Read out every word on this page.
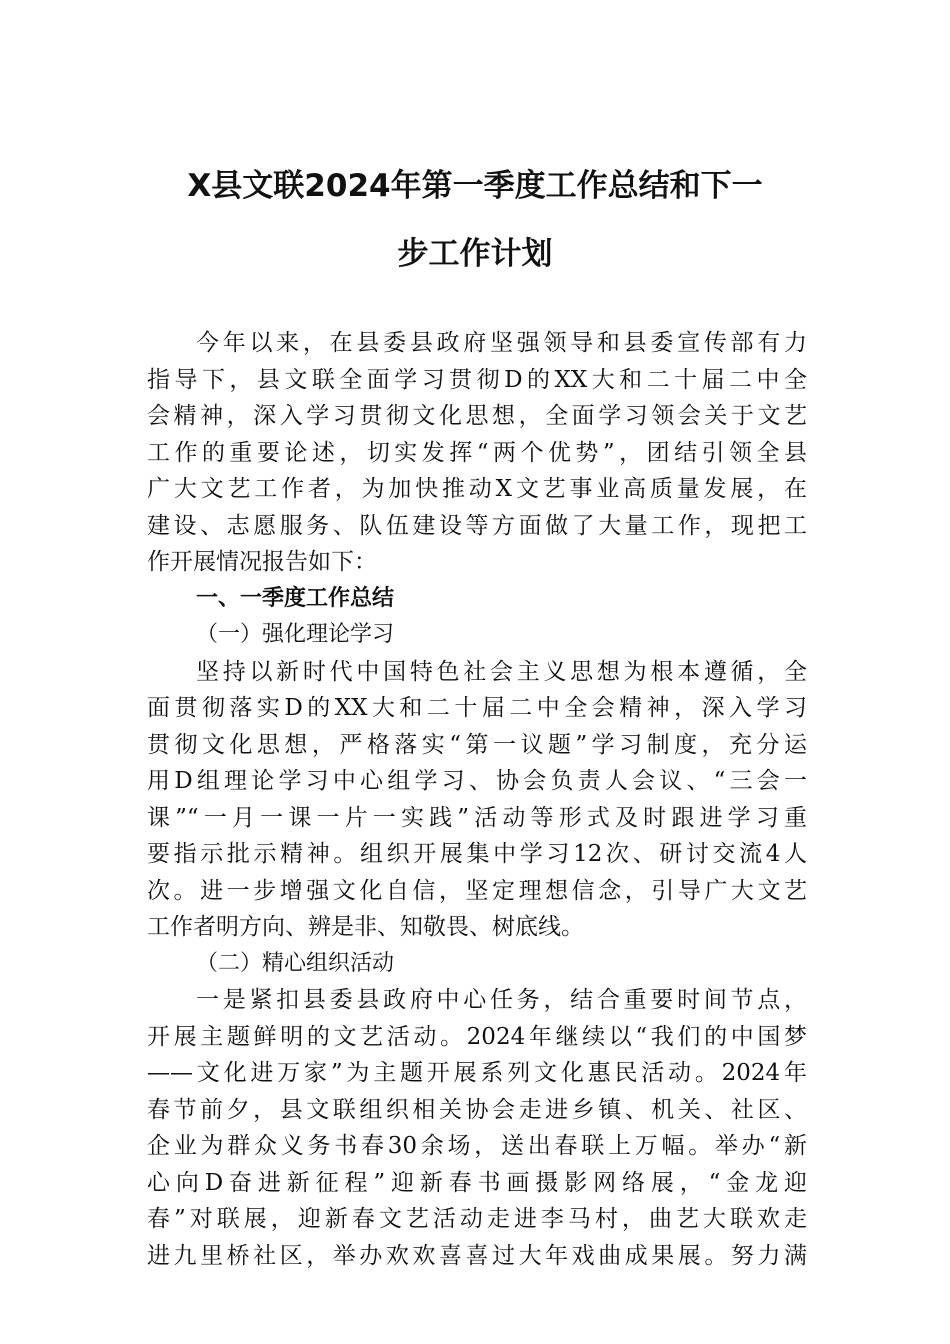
X县文联2024年第一季度工作总结和下一
步工作计划
今年以来，在县委县政府坚强领导和县委宣传部有力
指导下，县文联全面学习贯彻D的XX大和二十届二中全
会精神，深入学习贯彻文化思想，全面学习领会关于文艺
工作的重要论述，切实发挥“两个优势”，团结引领全县
广大文艺工作者，为加快推动X文艺事业高质量发展，在
建设、志愿服务、队伍建设等方面做了大量工作，现把工
作开展情况报告如下：
一、一季度工作总结
（一）强化理论学习
坚持以新时代中国特色社会主义思想为根本遵循，全
面贯彻落实D的XX大和二十届二中全会精神，深入学习
贯彻文化思想，严格落实“第一议题”学习制度，充分运
用D组理论学习中心组学习、协会负责人会议、“三会一
课”“一月一课一片一实践”活动等形式及时跟进学习重
要指示批示精神。组织开展集中学习12次、研讨交流4人
次。进一步增强文化自信，坚定理想信念，引导广大文艺
工作者明方向、辨是非、知敬畏、树底线。
（二）精心组织活动
一是紧扣县委县政府中心任务，结合重要时间节点，
开展主题鲜明的文艺活动。2024年继续以“我们的中国梦
——文化进万家”为主题开展系列文化惠民活动。2024年
春节前夕，县文联组织相关协会走进乡镇、机关、社区、
企业为群众义务书春30余场，送出春联上万幅。举办“新
心向D奋进新征程”迎新春书画摄影网络展，“金龙迎
春”对联展，迎新春文艺活动走进李马村，曲艺大联欢走
进九里桥社区，举办欢欢喜喜过大年戏曲成果展。努力满
